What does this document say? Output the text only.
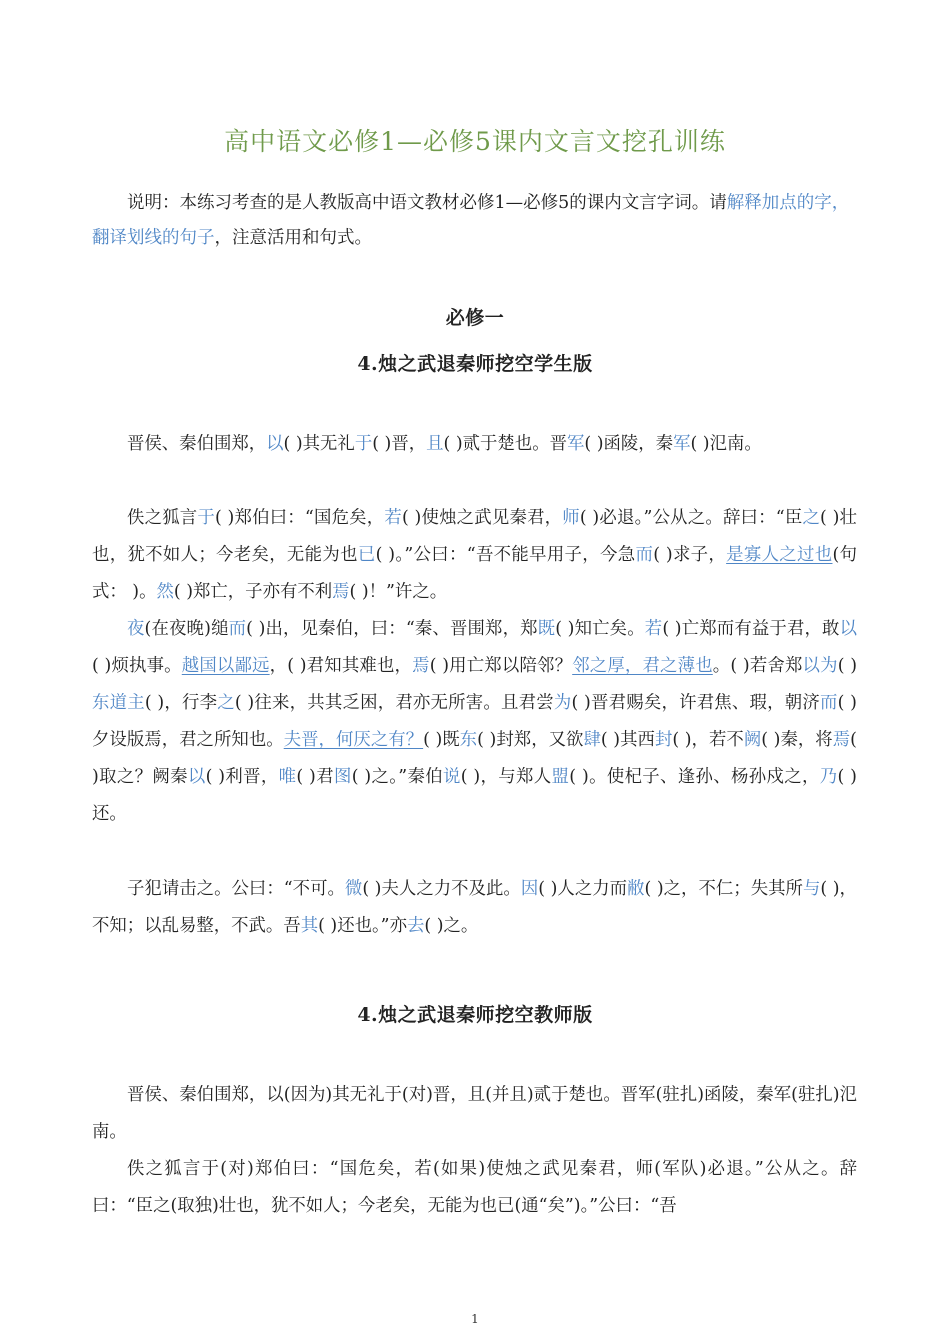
高中语文必修1—必修5课内文言文挖孔训练
说明：本练习考查的是人教版高中语文教材必修1—必修5的课内文言字词。请解释加点的字，翻译划线的句子，注意活用和句式。
必修一
4.烛之武退秦师挖空学生版
晋侯、秦伯围郑，以( )其无礼于( )晋，且( )贰于楚也。晋军( )函陵，秦军( )氾南。
佚之狐言于( )郑伯曰：“国危矣，若( )使烛之武见秦君，师( )必退。”公从之。辞曰：“臣之( )壮也，犹不如人；今老矣，无能为也已( )。”公曰：“吾不能早用子，今急而( )求子，是寡人之过也(句式： )。然( )郑亡，子亦有不利焉( )！”许之。
夜(在夜晚)缒而( )出，见秦伯，曰：“秦、晋围郑，郑既( )知亡矣。若( )亡郑而有益于君，敢以( )烦执事。越国以鄙远，( )君知其难也，焉( )用亡郑以陪邻？邻之厚，君之薄也。( )若舍郑以为( )东道主( )，行李之( )往来，共其乏困，君亦无所害。且君尝为( )晋君赐矣，许君焦、瑕，朝济而( )夕设版焉，君之所知也。夫晋，何厌之有？( )既东( )封郑，又欲肆( )其西封( )，若不阙( )秦，将焉( )取之？阙秦以( )利晋，唯( )君图( )之。”秦伯说( )，与郑人盟( )。使杞子、逢孙、杨孙戍之，乃( )还。
子犯请击之。公曰：“不可。微( )夫人之力不及此。因( )人之力而敝( )之，不仁；失其所与( )，不知；以乱易整，不武。吾其( )还也。”亦去( )之。
4.烛之武退秦师挖空教师版
晋侯、秦伯围郑，以(因为)其无礼于(对)晋，且(并且)贰于楚也。晋军(驻扎)函陵，秦军(驻扎)氾南。
佚之狐言于(对)郑伯曰：“国危矣，若(如果)使烛之武见秦君，师(军队)必退。”公从之。辞曰：“臣之(取独)壮也，犹不如人；今老矣，无能为也已(通“矣”)。”公曰：“吾
1
